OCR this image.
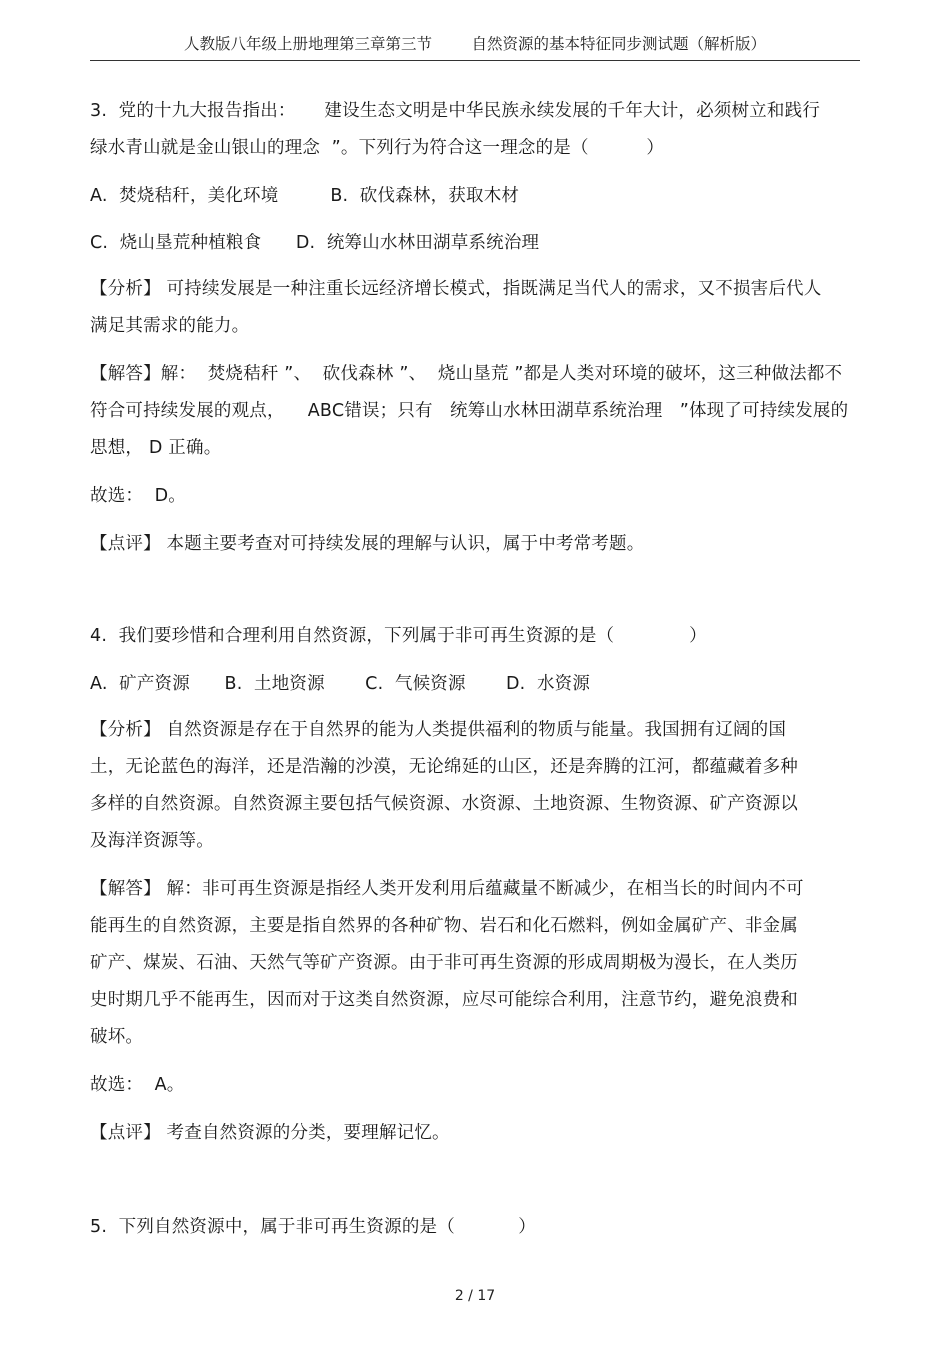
人教版八年级上册地理第三章第三节        自然资源的基本特征同步测试题（解析版）
3.  党的十九大报告指出：     建设生态文明是中华民族永续发展的千年大计，必须树立和践行
绿水青山就是金山银山的理念  ”。下列行为符合这一理念的是（          ）
A.  焚烧秸秆，美化环境         B.  砍伐森林，获取木材
C.  烧山垦荒种植粮食      D.  统筹山水林田湖草系统治理
【分析】 可持续发展是一种注重长远经济增长模式，指既满足当代人的需求，又不损害后代人
满足其需求的能力。
【解答】解：  焚烧秸秆 ”、  砍伐森林 ”、  烧山垦荒 ”都是人类对环境的破坏，这三种做法都不
符合可持续发展的观点，    ABC错误；只有   统筹山水林田湖草系统治理   ”体现了可持续发展的
思想， D 正确。
故选：  D。
【点评】 本题主要考查对可持续发展的理解与认识，属于中考常考题。
4.  我们要珍惜和合理利用自然资源，下列属于非可再生资源的是（             ）
A.  矿产资源      B.  土地资源       C.  气候资源       D.  水资源
【分析】 自然资源是存在于自然界的能为人类提供福利的物质与能量。我国拥有辽阔的国
土，无论蓝色的海洋，还是浩瀚的沙漠，无论绵延的山区，还是奔腾的江河，都蕴藏着多种
多样的自然资源。自然资源主要包括气候资源、水资源、土地资源、生物资源、矿产资源以
及海洋资源等。
【解答】 解：非可再生资源是指经人类开发利用后蕴藏量不断减少，在相当长的时间内不可
能再生的自然资源，主要是指自然界的各种矿物、岩石和化石燃料，例如金属矿产、非金属
矿产、煤炭、石油、天然气等矿产资源。由于非可再生资源的形成周期极为漫长，在人类历
史时期几乎不能再生，因而对于这类自然资源，应尽可能综合利用，注意节约，避免浪费和
破坏。
故选：  A。
【点评】 考查自然资源的分类，要理解记忆。
5.  下列自然资源中，属于非可再生资源的是（           ）
2 / 17
